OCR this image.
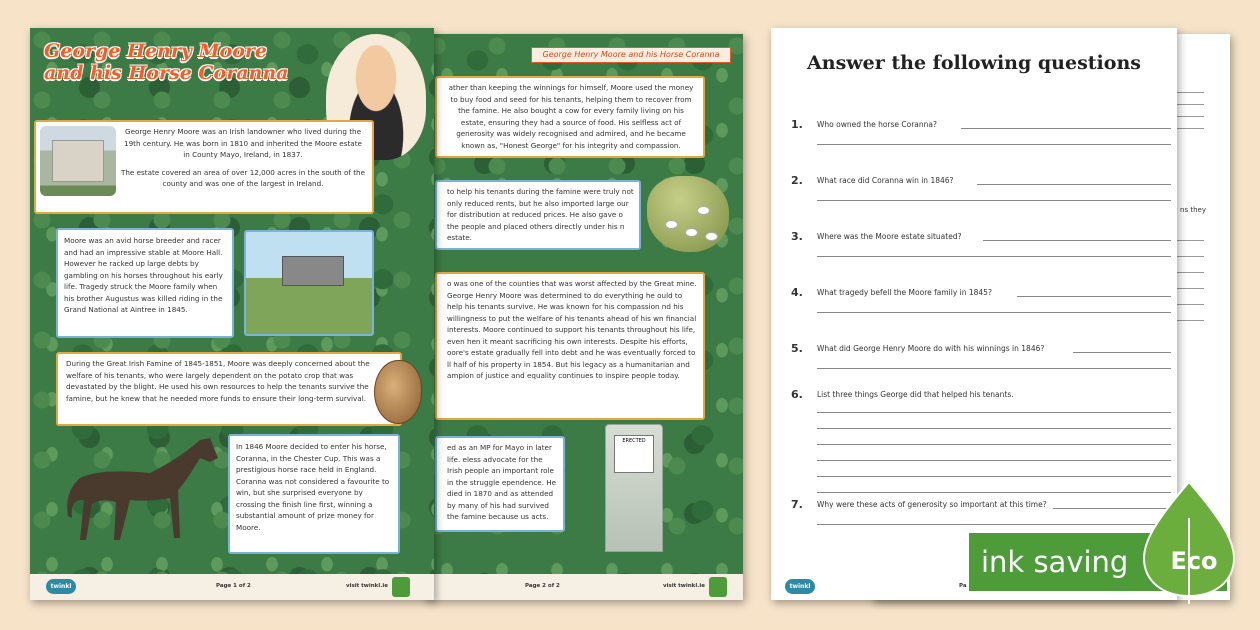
George Henry Moore and his Horse Coranna
ather than keeping the winnings for himself, Moore used the money to buy food and seed for his tenants, helping them to recover from the famine. He also bought a cow for every family living on his estate, ensuring they had a source of food. His selfless act of generosity was widely recognised and admired, and he became known as, "Honest George" for his integrity and compassion.
to help his tenants during the famine were truly not only reduced rents, but he also imported large our for distribution at reduced prices. He also gave o the people and placed others directly under his n estate.
o was one of the counties that was worst affected by the Great mine. George Henry Moore was determined to do everything he ould to help his tenants survive. He was known for his compassion nd his willingness to put the welfare of his tenants ahead of his wn financial interests. Moore continued to support his tenants throughout his life, even hen it meant sacrificing his own interests. Despite his efforts, oore's estate gradually fell into debt and he was eventually forced to ll half of his property in 1854. But his legacy as a humanitarian and ampion of justice and equality continues to inspire people today.
ed as an MP for Mayo in later life. eless advocate for the Irish people an important role in the struggle ependence. He died in 1870 and as attended by many of his had survived the famine because us acts.
ERECTED
Page 2 of 2	visit twinkl.ie
George Henry Moore
and his Horse Coranna
George Henry Moore was an Irish landowner who lived during the 19th century. He was born in 1810 and inherited the Moore estate in County Mayo, Ireland, in 1837.
The estate covered an area of over 12,000 acres in the south of the county and was one of the largest in Ireland.
Moore was an avid horse breeder and racer and had an impressive stable at Moore Hall. However he racked up large debts by gambling on his horses throughout his early life. Tragedy struck the Moore family when his brother Augustus was killed riding in the Grand National at Aintree in 1845.
During the Great Irish Famine of 1845-1851, Moore was deeply concerned about the welfare of his tenants, who were largely dependent on the potato crop that was devastated by the blight. He used his own resources to help the tenants survive the famine, but he knew that he needed more funds to ensure their long-term survival.
In 1846 Moore decided to enter his horse, Coranna, in the Chester Cup. This was a prestigious horse race held in England. Coranna was not considered a favourite to win, but she surprised everyone by crossing the finish line first, winning a substantial amount of prize money for Moore.
twinkl	Page 1 of 2	visit twinkl.ie
ns they
Answer the following questions
1. Who owned the horse Coranna?
2. What race did Coranna win in 1846?
3. Where was the Moore estate situated?
4. What tragedy befell the Moore family in 1845?
5. What did George Henry Moore do with his winnings in 1846?
6. List three things George did that helped his tenants.
7. Why were these acts of generosity so important at this time?
twinkl	Pa
ink saving	Eco
